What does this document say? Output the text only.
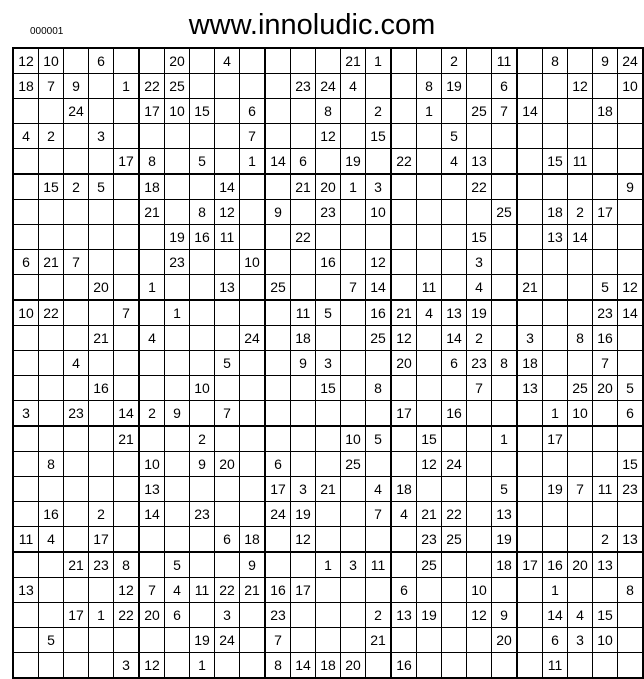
000001	www.innoludic.com
12	10		6			20		4					21	1			2		11		8		9	24
18	7	9		1	22	25					23	24	4			8	19		6			12		10
		24			17	10	15		6			8		2		1		25	7	14			18	
4	2		3						7			12		15			5							
				17	8		5		1	14	6		19		22		4	13			15	11		
	15	2	5		18			14			21	20	1	3				22						9
					21		8	12		9		23		10					25		18	2	17	
						19	16	11			22							15			13	14		
6	21	7				23			10			16		12				3						
			20		1			13		25			7	14		11		4		21			5	12
10	22			7		1					11	5		16	21	4	13	19					23	14
			21		4				24		18			25	12		14	2		3		8	16	
		4						5			9	3			20		6	23	8	18			7	
			16				10					15		8				7		13		25	20	5
3		23		14	2	9		7							17		16				1	10		6
				21			2						10	5		15			1		17			
	8				10		9	20		6			25			12	24							15
					13					17	3	21		4	18				5		19	7	11	23
	16		2		14		23			24	19			7	4	21	22		13					
11	4		17					6	18		12					23	25		19				2	13
		21	23	8		5			9			1	3	11		25			18	17	16	20	13	
13				12	7	4	11	22	21	16	17				6			10			1			8
		17	1	22	20	6		3		23				2	13	19		12	9		14	4	15	
	5						19	24		7				21					20		6	3	10	
				3	12		1			8	14	18	20		16						11			
